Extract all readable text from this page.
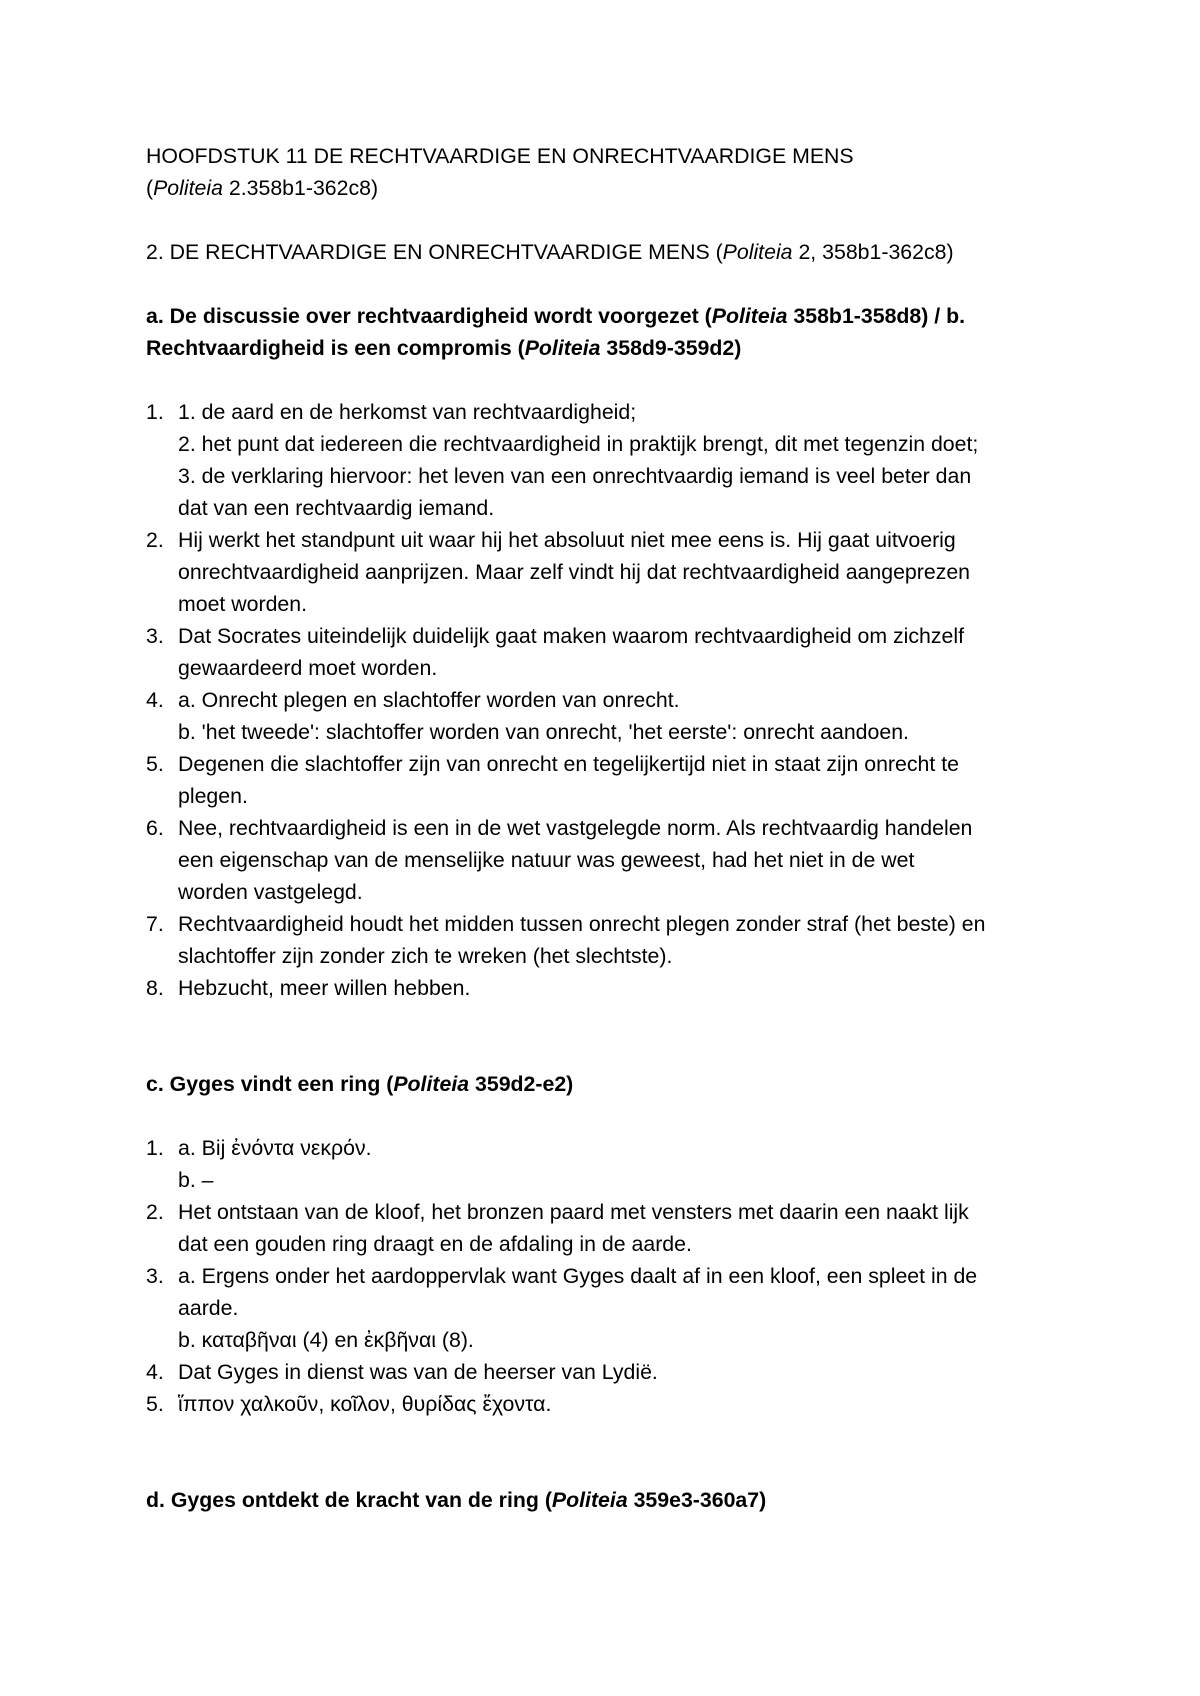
HOOFDSTUK 11 DE RECHTVAARDIGE EN ONRECHTVAARDIGE MENS

(Politeia 2.358b1-362c8)

2. DE RECHTVAARDIGE EN ONRECHTVAARDIGE MENS (Politeia 2, 358b1-362c8)

a. De discussie over rechtvaardigheid wordt voorgezet (Politeia 358b1-358d8) / b.

Rechtvaardigheid is een compromis (Politeia 358d9-359d2)

1. 1. de aard en de herkomst van rechtvaardigheid;
2. het punt dat iedereen die rechtvaardigheid in praktijk brengt, dit met tegenzin doet;
3. de verklaring hiervoor: het leven van een onrechtvaardig iemand is veel beter dan
dat van een rechtvaardig iemand.
2. Hij werkt het standpunt uit waar hij het absoluut niet mee eens is. Hij gaat uitvoerig
onrechtvaardigheid aanprijzen. Maar zelf vindt hij dat rechtvaardigheid aangeprezen
moet worden.
3. Dat Socrates uiteindelijk duidelijk gaat maken waarom rechtvaardigheid om zichzelf
gewaardeerd moet worden.
4. a. Onrecht plegen en slachtoffer worden van onrecht.
b. 'het tweede': slachtoffer worden van onrecht, 'het eerste': onrecht aandoen.
5. Degenen die slachtoffer zijn van onrecht en tegelijkertijd niet in staat zijn onrecht te
plegen.
6. Nee, rechtvaardigheid is een in de wet vastgelegde norm. Als rechtvaardig handelen
een eigenschap van de menselijke natuur was geweest, had het niet in de wet
worden vastgelegd.
7. Rechtvaardigheid houdt het midden tussen onrecht plegen zonder straf (het beste) en
slachtoffer zijn zonder zich te wreken (het slechtste).
8. Hebzucht, meer willen hebben.

c. Gyges vindt een ring (Politeia 359d2-e2)

1. a. Bij ἐνόντα νεκρόν.
b. –
2. Het ontstaan van de kloof, het bronzen paard met vensters met daarin een naakt lijk
dat een gouden ring draagt en de afdaling in de aarde.
3. a. Ergens onder het aardoppervlak want Gyges daalt af in een kloof, een spleet in de
aarde.
b. καταβῆναι (4) en ἐκβῆναι (8).
4. Dat Gyges in dienst was van de heerser van Lydië.
5. ἵππον χαλκοῦν, κοῖλον, θυρίδας ἔχοντα.

d. Gyges ontdekt de kracht van de ring (Politeia 359e3-360a7)
